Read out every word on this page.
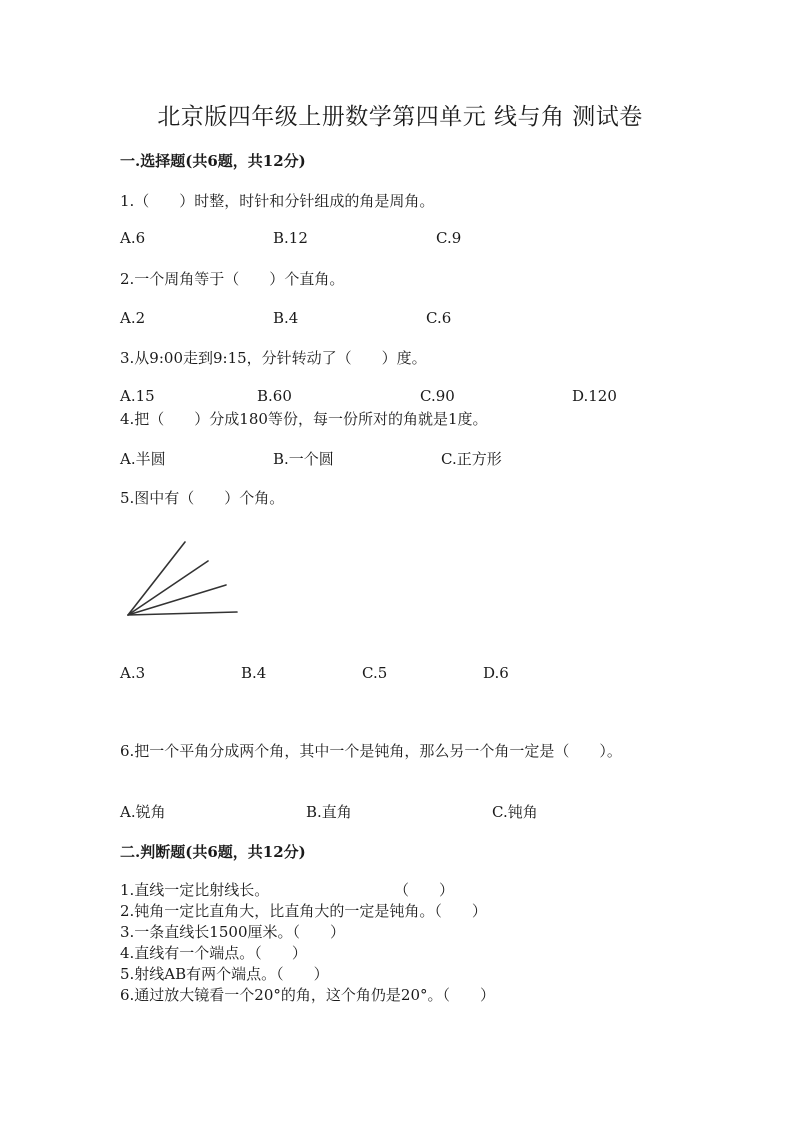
北京版四年级上册数学第四单元 线与角 测试卷
一.选择题(共6题，共12分)
1.（　　）时整，时针和分针组成的角是周角。
A.6	B.12	C.9
2.一个周角等于（　　）个直角。
A.2	B.4	C.6
3.从9:00走到9:15，分针转动了（　　）度。
A.15	B.60	C.90	D.120
4.把（　　）分成180等份，每一份所对的角就是1度。
A.半圆	B.一个圆	C.正方形
5.图中有（　　）个角。
A.3	B.4	C.5	D.6
6.把一个平角分成两个角，其中一个是钝角，那么另一个角一定是（　　）。
A.锐角	B.直角	C.钝角
二.判断题(共6题，共12分)
1.直线一定比射线长。	（　　）
2.钝角一定比直角大，比直角大的一定是钝角。（　　）
3.一条直线长1500厘米。（　　）
4.直线有一个端点。（　　）
5.射线AB有两个端点。（　　）
6.通过放大镜看一个20°的角，这个角仍是20°。（　　）
